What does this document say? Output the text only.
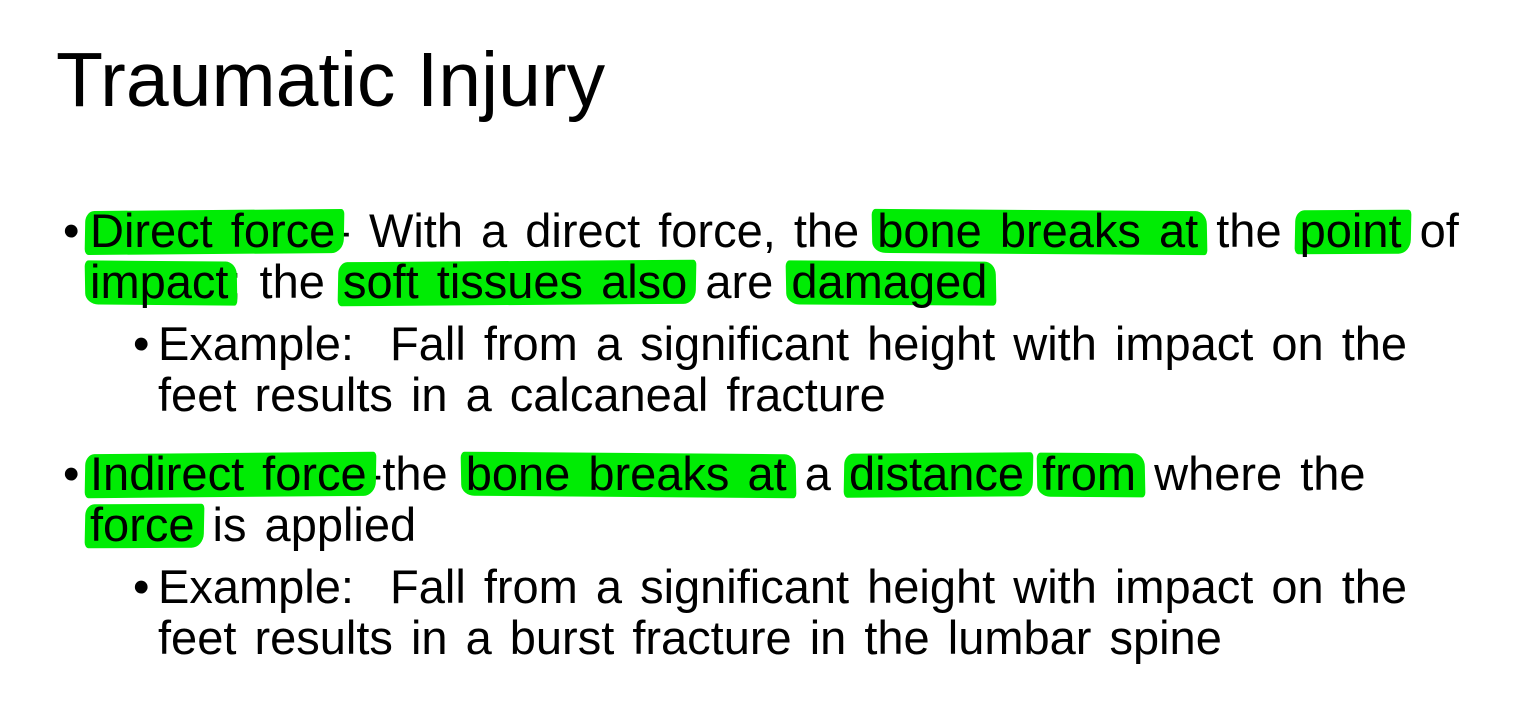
Traumatic Injury
• Direct force- With a direct force, the bone breaks at the point of
impact; the soft tissues also are damaged
• Example:  Fall from a significant height with impact on the
feet results in a calcaneal fracture
• Indirect force-the bone breaks at a distance from where the
force is applied
• Example:  Fall from a significant height with impact on the
feet results in a burst fracture in the lumbar spine
